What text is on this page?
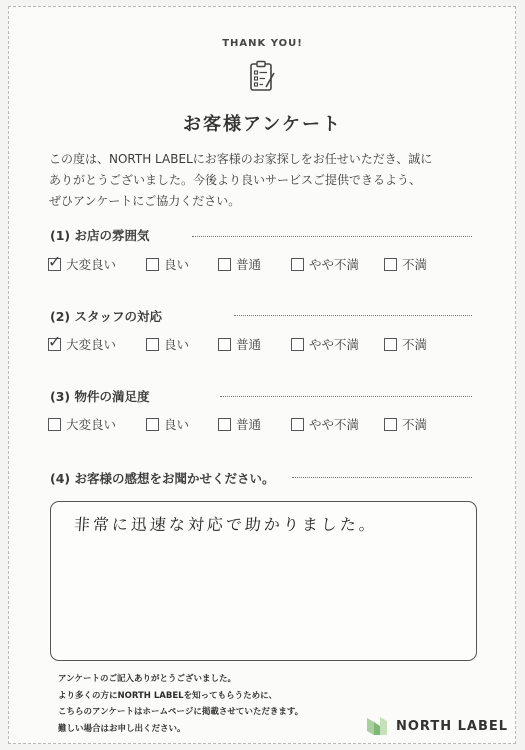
THANK YOU!
お客様アンケート
この度は、NORTH LABELにお客様のお家探しをお任せいただき、誠に
ありがとうございました。今後より良いサービスご提供できるよう、
ぜひアンケートにご協力ください。
(1) お店の雰囲気
✓ 大変良い	良い	普通	やや不満	不満
(2) スタッフの対応
✓ 大変良い	良い	普通	やや不満	不満
(3) 物件の満足度
大変良い	良い	普通	やや不満	不満
(4) お客様の感想をお聞かせください。
非常に迅速な対応で助かりました。
アンケートのご記入ありがとうございました。
より多くの方にNORTH LABELを知ってもらうために、
こちらのアンケートはホームページに掲載させていただきます。
難しい場合はお申し出ください。	NORTH LABEL
